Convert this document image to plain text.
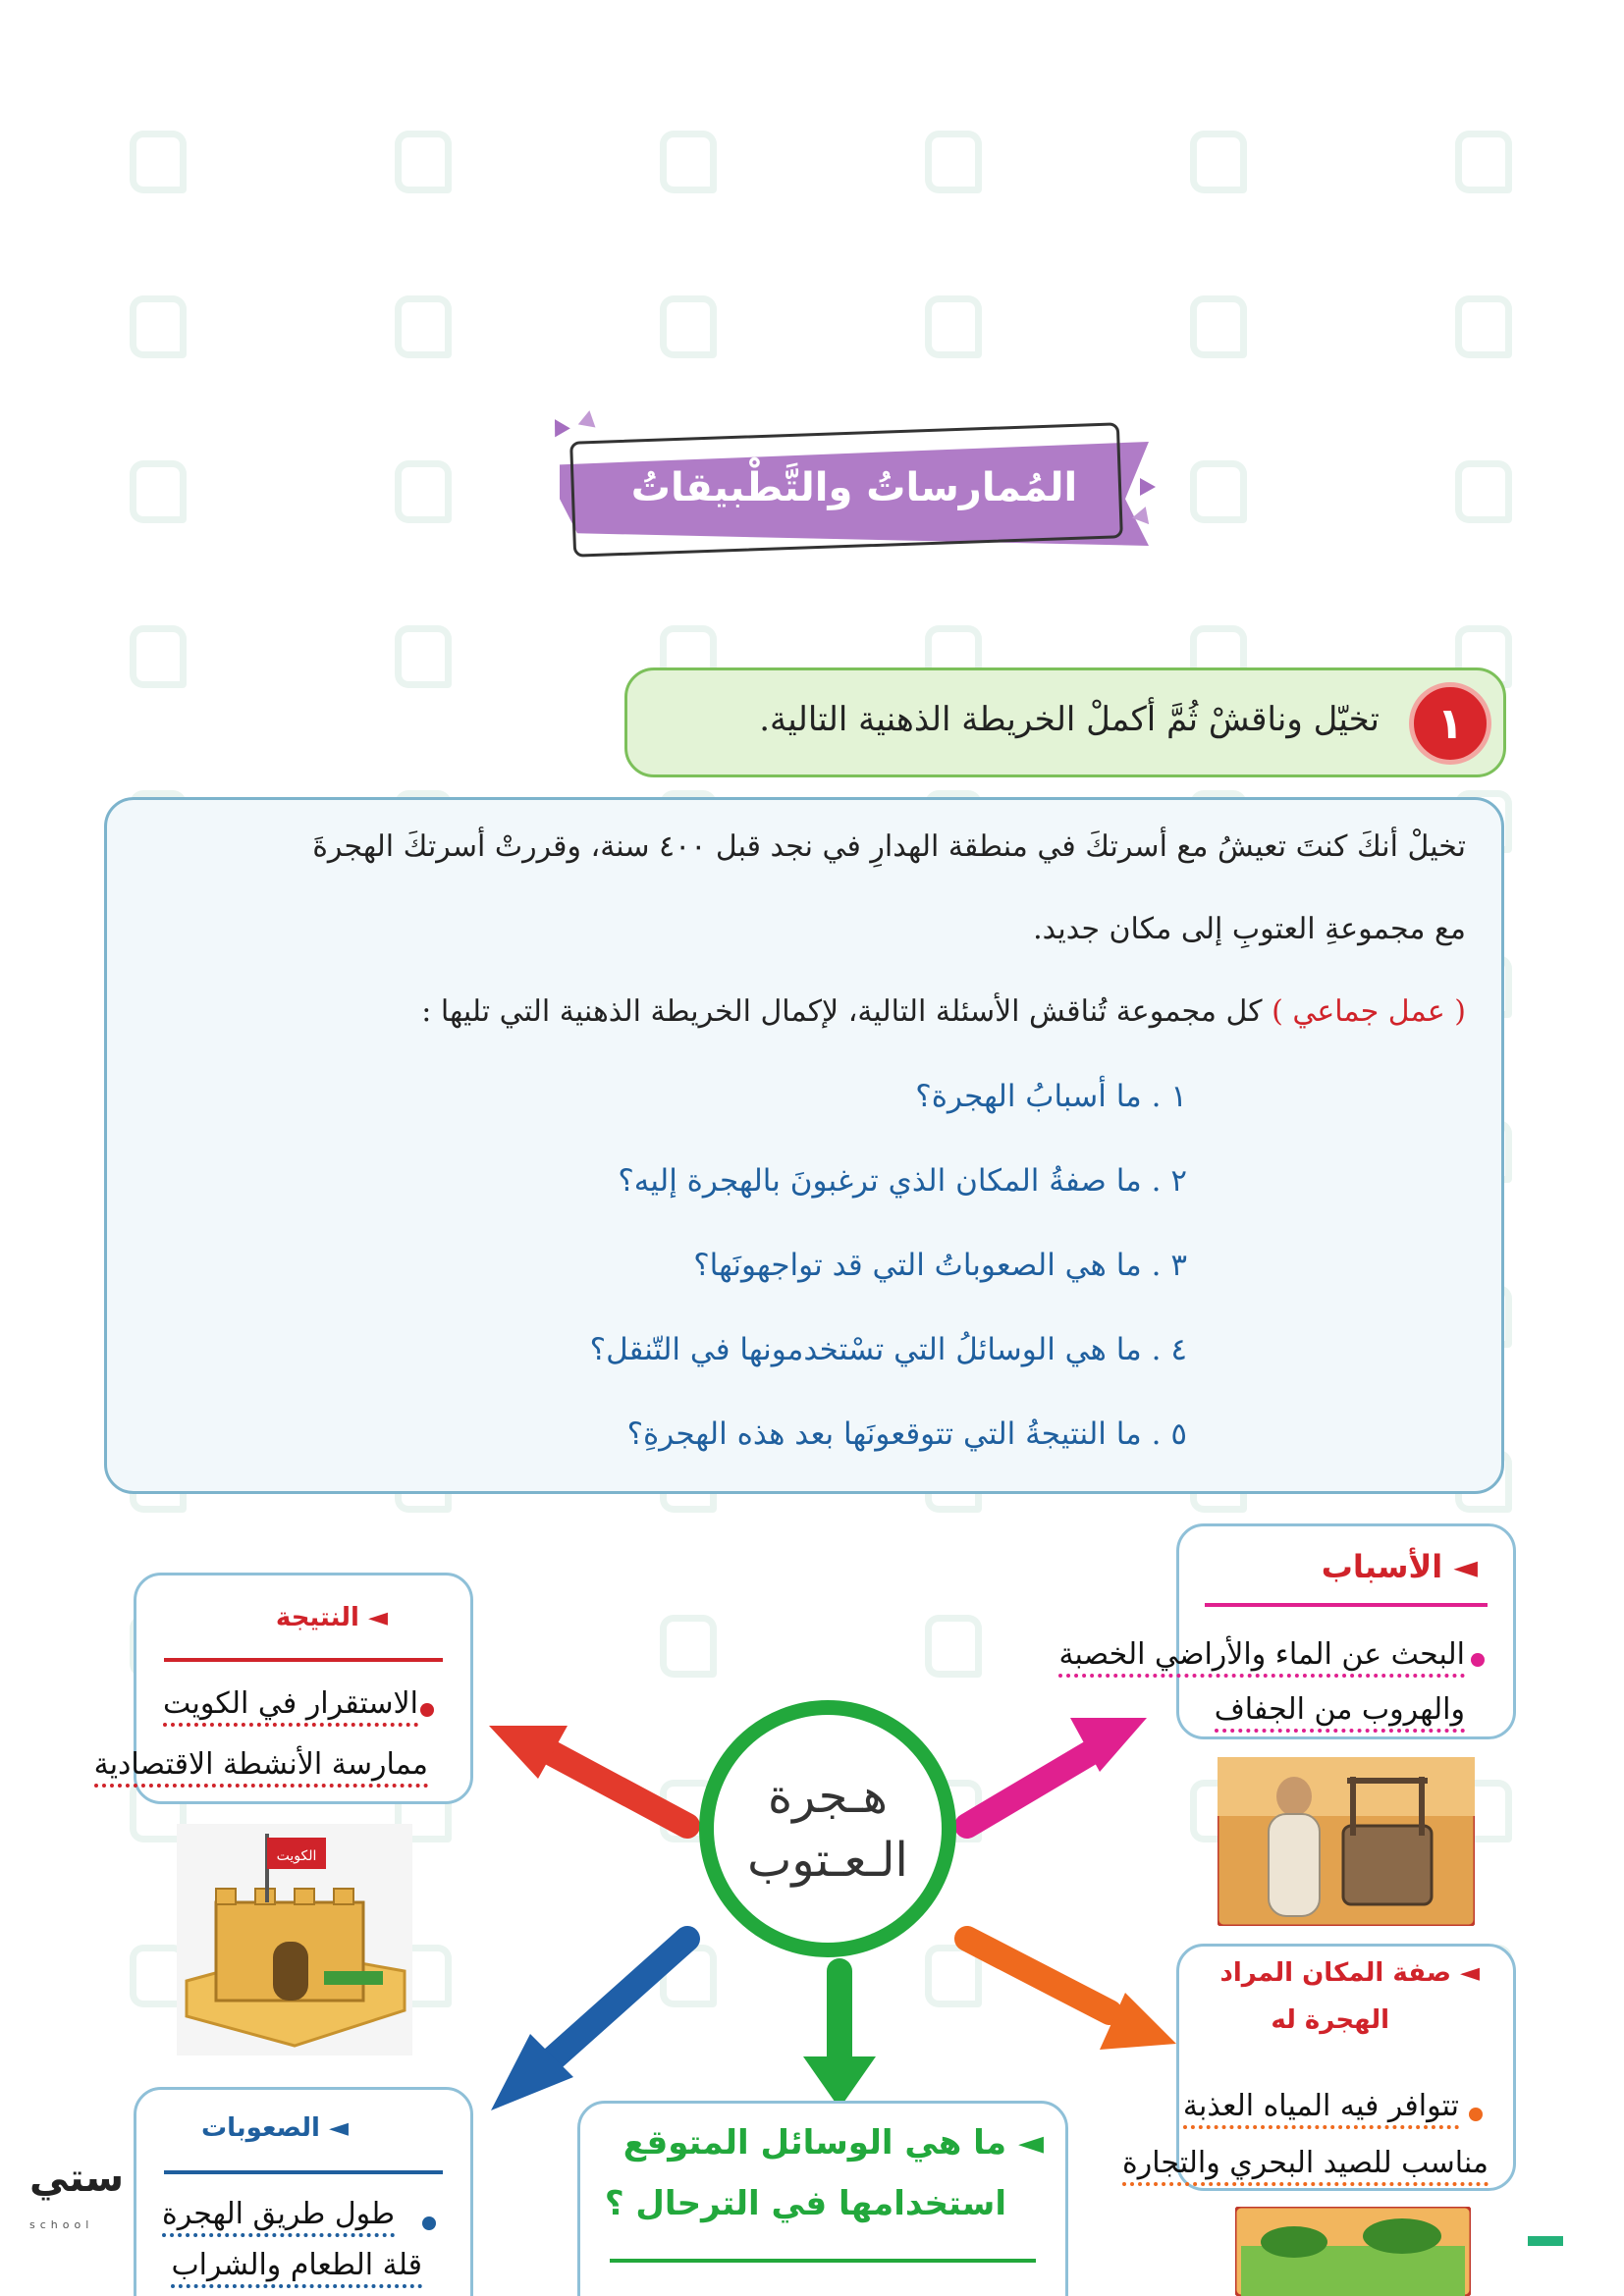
المُمارساتُ والتَّطْبيقاتُ
١
تخيّل وناقشْ ثُمَّ أكملْ الخريطة الذهنية التالية.
تخيلْ أنكَ كنتَ تعيشُ مع أسرتكَ في منطقة الهدارِ في نجد قبل ٤٠٠ سنة، وقررتْ أسرتكَ الهجرةَ
مع مجموعةِ العتوبِ إلى مكان جديد.
( عمل جماعي ) كل مجموعة تُناقش الأسئلة التالية، لإكمال الخريطة الذهنية التي تليها :
١ . ما أسبابُ الهجرة؟
٢ . ما صفةُ المكان الذي ترغبونَ بالهجرة إليه؟
٣ . ما هي الصعوباتُ التي قد تواجهونَها؟
٤ . ما هي الوسائلُ التي تسْتخدمونها في التّنقل؟
٥ . ما النتيجةُ التي تتوقعونَها بعد هذه الهجرةِ؟
هـجرة
الـعـتوب
◄ الأسباب
البحث عن الماء والأراضي الخصبة
والهروب من الجفاف
◄ النتيجة
الاستقرار في الكويت
ممارسة الأنشطة الاقتصادية
الكويت
◄ صفة المكان المراد
الهجرة له
تتوافر فيه المياه العذبة
مناسب للصيد البحري والتجارة
◄ الصعوبات
طول طريق الهجرة
قلة الطعام والشراب
◄ ما هي الوسائل المتوقع
استخدامها في الترحال ؟
ستي
school
